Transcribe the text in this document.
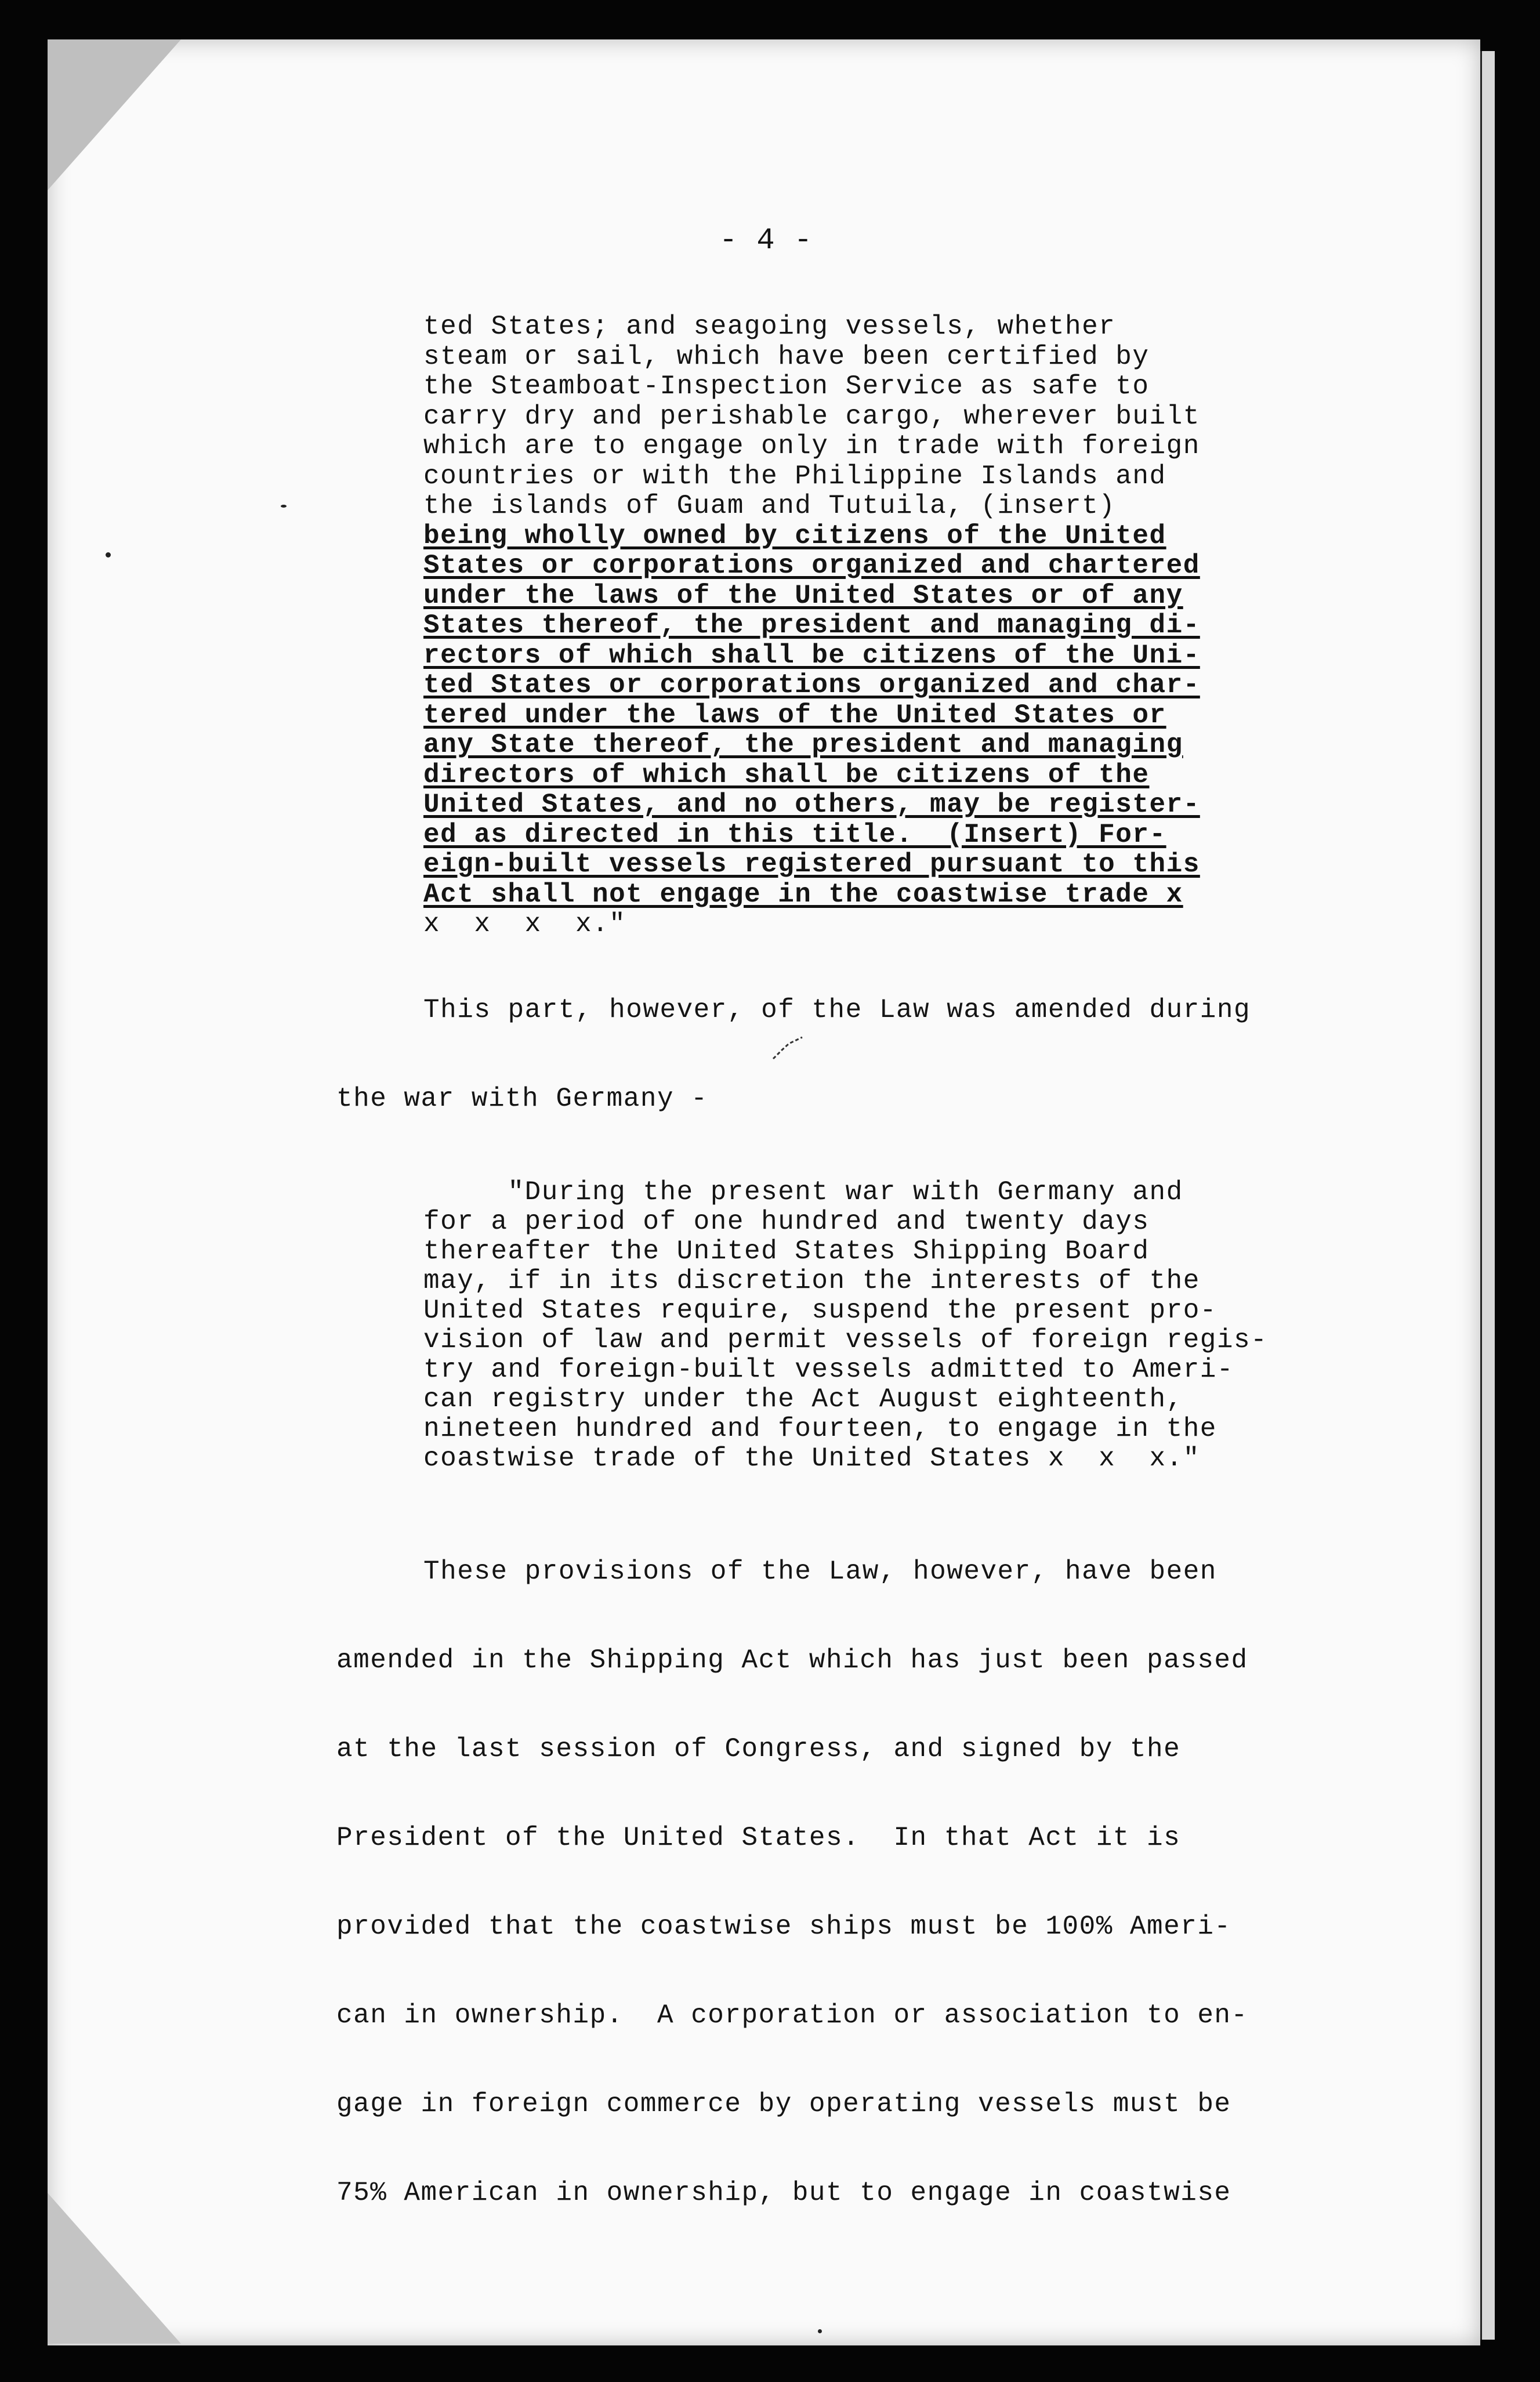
- 4 -
ted States; and seagoing vessels, whether
steam or sail, which have been certified by
the Steamboat-Inspection Service as safe to
carry dry and perishable cargo, wherever built
which are to engage only in trade with foreign
countries or with the Philippine Islands and
the islands of Guam and Tutuila, (insert)
being wholly owned by citizens of the United
States or corporations organized and chartered
under the laws of the United States or of any
States thereof, the president and managing di-
rectors of which shall be citizens of the Uni-
ted States or corporations organized and char-
tered under the laws of the United States or
any State thereof, the president and managing
directors of which shall be citizens of the
United States, and no others, may be register-
ed as directed in this title.  (Insert) For-
eign-built vessels registered pursuant to this
Act shall not engage in the coastwise trade x
x  x  x  x."
This part, however, of the Law was amended during
the war with Germany -
"During the present war with Germany and
for a period of one hundred and twenty days
thereafter the United States Shipping Board
may, if in its discretion the interests of the
United States require, suspend the present pro-
vision of law and permit vessels of foreign regis-
try and foreign-built vessels admitted to Ameri-
can registry under the Act August eighteenth,
nineteen hundred and fourteen, to engage in the
coastwise trade of the United States x  x  x."
These provisions of the Law, however, have been
amended in the Shipping Act which has just been passed
at the last session of Congress, and signed by the
President of the United States.  In that Act it is
provided that the coastwise ships must be 100% Ameri-
can in ownership.  A corporation or association to en-
gage in foreign commerce by operating vessels must be
75% American in ownership, but to engage in coastwise
